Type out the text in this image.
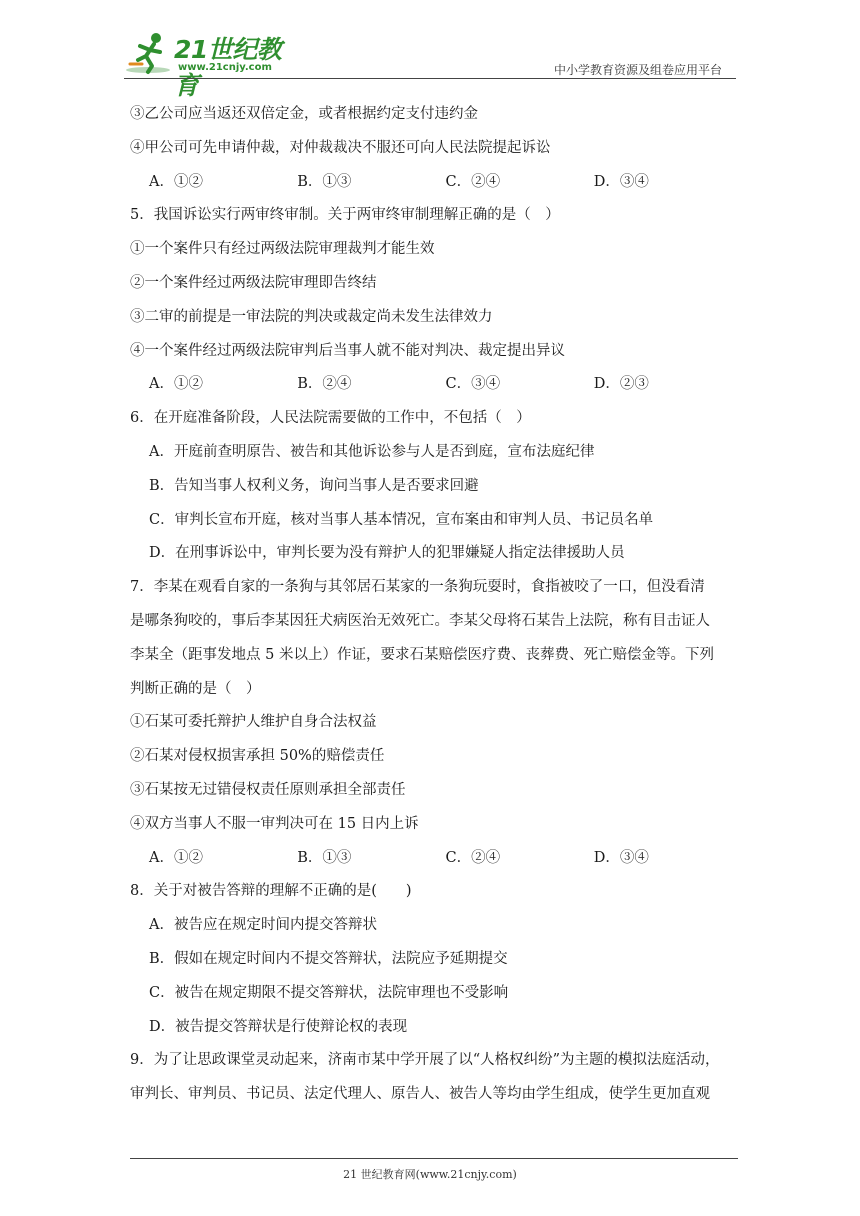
21世纪教育
www.21cnjy.com	中小学教育资源及组卷应用平台
③乙公司应当返还双倍定金，或者根据约定支付违约金
④甲公司可先申请仲裁，对仲裁裁决不服还可向人民法院提起诉讼
A．①②	B．①③	C．②④	D．③④
5．我国诉讼实行两审终审制。关于两审终审制理解正确的是（　）
①一个案件只有经过两级法院审理裁判才能生效
②一个案件经过两级法院审理即告终结
③二审的前提是一审法院的判决或裁定尚未发生法律效力
④一个案件经过两级法院审判后当事人就不能对判决、裁定提出异议
A．①②	B．②④	C．③④	D．②③
6．在开庭准备阶段，人民法院需要做的工作中，不包括（　）
A．开庭前查明原告、被告和其他诉讼参与人是否到庭，宣布法庭纪律
B．告知当事人权利义务，询问当事人是否要求回避
C．审判长宣布开庭，核对当事人基本情况，宣布案由和审判人员、书记员名单
D．在刑事诉讼中，审判长要为没有辩护人的犯罪嫌疑人指定法律援助人员
7．李某在观看自家的一条狗与其邻居石某家的一条狗玩耍时，食指被咬了一口，但没看清
是哪条狗咬的，事后李某因狂犬病医治无效死亡。李某父母将石某告上法院，称有目击证人
李某全（距事发地点 5 米以上）作证，要求石某赔偿医疗费、丧葬费、死亡赔偿金等。下列
判断正确的是（　）
①石某可委托辩护人维护自身合法权益
②石某对侵权损害承担 50%的赔偿责任
③石某按无过错侵权责任原则承担全部责任
④双方当事人不服一审判决可在 15 日内上诉
A．①②	B．①③	C．②④	D．③④
8．关于对被告答辩的理解不正确的是(　　)
A．被告应在规定时间内提交答辩状
B．假如在规定时间内不提交答辩状，法院应予延期提交
C．被告在规定期限不提交答辩状，法院审理也不受影响
D．被告提交答辩状是行使辩论权的表现
9．为了让思政课堂灵动起来，济南市某中学开展了以“人格权纠纷”为主题的模拟法庭活动，
审判长、审判员、书记员、法定代理人、原告人、被告人等均由学生组成，使学生更加直观
21 世纪教育网(www.21cnjy.com)
